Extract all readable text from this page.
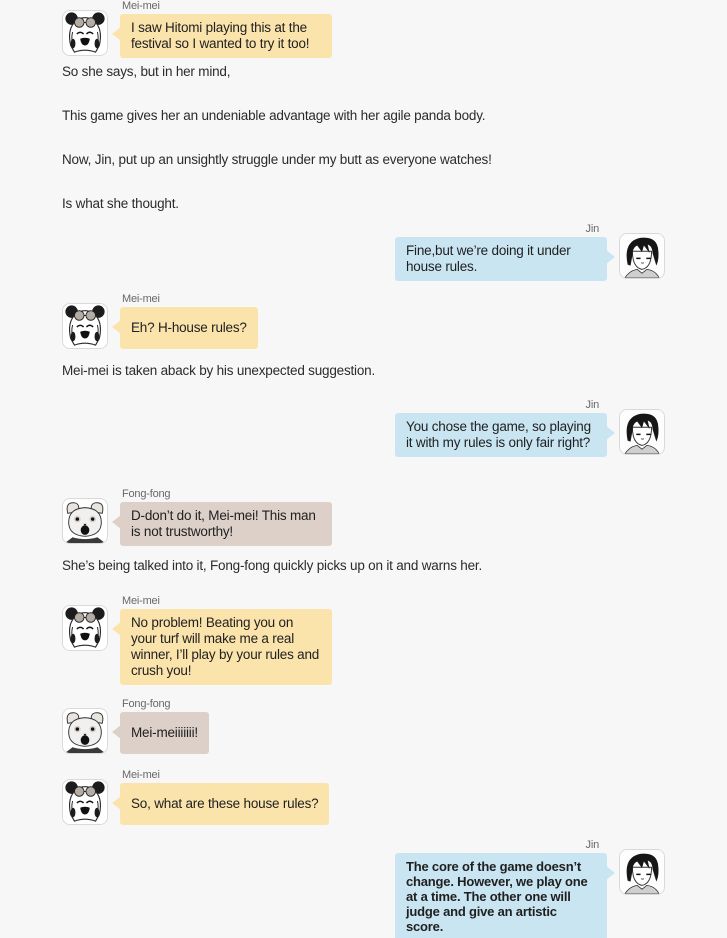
Mei-mei
I saw Hitomi playing this at the festival so I wanted to try it too!
So she says, but in her mind,
This game gives her an undeniable advantage with her agile panda body.
Now, Jin, put up an unsightly struggle under my butt as everyone watches!
Is what she thought.
Jin
Fine,but we’re doing it under house rules.
Mei-mei
Eh? H-house rules?
Mei-mei is taken aback by his unexpected suggestion.
Jin
You chose the game, so playing it with my rules is only fair right?
Fong-fong
D-don’t do it, Mei-mei! This man is not trustworthy!
She’s being talked into it, Fong-fong quickly picks up on it and warns her.
Mei-mei
No problem! Beating you on your turf will make me a real winner, I’ll play by your rules and crush you!
Fong-fong
Mei-meiiiiiii!
Mei-mei
So, what are these house rules?
Jin
The core of the game doesn’t change. However, we play one at a time. The other one will judge and give an artistic score.
